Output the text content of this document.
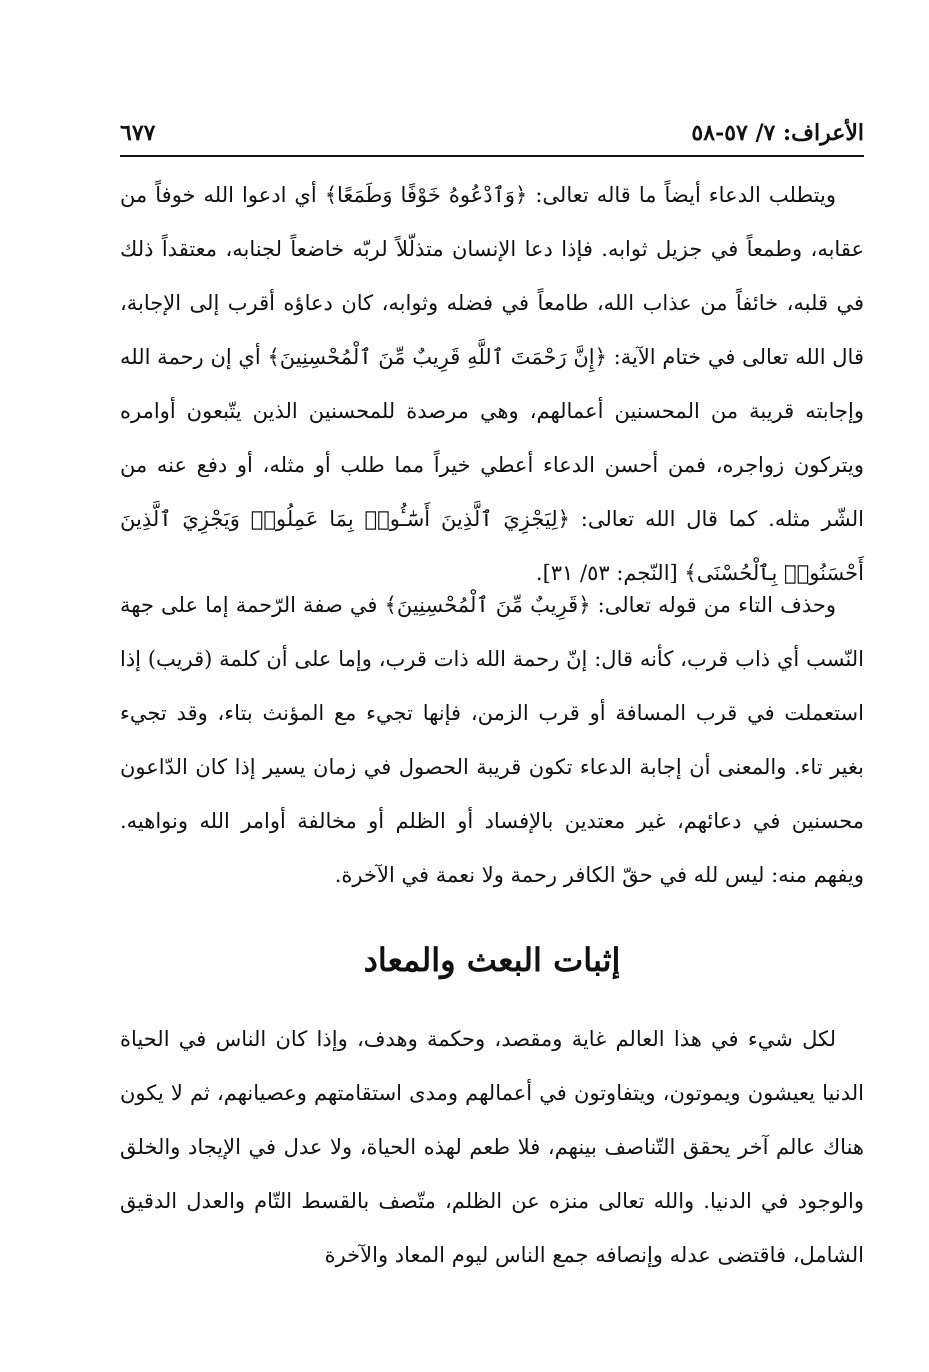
الأعراف: ٧/ ٥٧-٥٨
٦٧٧

ويتطلب الدعاء أيضاً ما قاله تعالى: ﴿وَٱدْعُوهُ خَوْفًا وَطَمَعًا﴾ أي ادعوا الله خوفاً من عقابه، وطمعاً في جزيل ثوابه. فإذا دعا الإنسان متذلّلاً لربّه خاضعاً لجنابه، معتقداً ذلك في قلبه، خائفاً من عذاب الله، طامعاً في فضله وثوابه، كان دعاؤه أقرب إلى الإجابة، قال الله تعالى في ختام الآية: ﴿إِنَّ رَحْمَتَ ٱللَّهِ قَرِيبٌ مِّنَ ٱلْمُحْسِنِينَ﴾ أي إن رحمة الله وإجابته قريبة من المحسنين أعمالهم، وهي مرصدة للمحسنين الذين يتّبعون أوامره ويتركون زواجره، فمن أحسن الدعاء أعطي خيراً مما طلب أو مثله، أو دفع عنه من الشّر مثله. كما قال الله تعالى: ﴿لِيَجْزِيَ ٱلَّذِينَ أَسَٰٓـُٔوا۟ بِمَا عَمِلُوا۟ وَيَجْزِيَ ٱلَّذِينَ أَحْسَنُوا۟ بِٱلْحُسْنَى﴾ [النّجم: ٥٣/ ٣١].

وحذف التاء من قوله تعالى: ﴿قَرِيبٌ مِّنَ ٱلْمُحْسِنِينَ﴾ في صفة الرّحمة إما على جهة النّسب أي ذاب قرب، كأنه قال: إنّ رحمة الله ذات قرب، وإما على أن كلمة (قريب) إذا استعملت في قرب المسافة أو قرب الزمن، فإنها تجيء مع المؤنث بتاء، وقد تجيء بغير تاء. والمعنى أن إجابة الدعاء تكون قريبة الحصول في زمان يسير إذا كان الدّاعون محسنين في دعائهم، غير معتدين بالإفساد أو الظلم أو مخالفة أوامر الله ونواهيه. ويفهم منه: ليس لله في حقّ الكافر رحمة ولا نعمة في الآخرة.

إثبات البعث والمعاد

لكل شيء في هذا العالم غاية ومقصد، وحكمة وهدف، وإذا كان الناس في الحياة الدنيا يعيشون ويموتون، ويتفاوتون في أعمالهم ومدى استقامتهم وعصيانهم، ثم لا يكون هناك عالم آخر يحقق التّناصف بينهم، فلا طعم لهذه الحياة، ولا عدل في الإيجاد والخلق والوجود في الدنيا. والله تعالى منزه عن الظلم، متّصف بالقسط التّام والعدل الدقيق الشامل، فاقتضى عدله وإنصافه جمع الناس ليوم المعاد والآخرة
